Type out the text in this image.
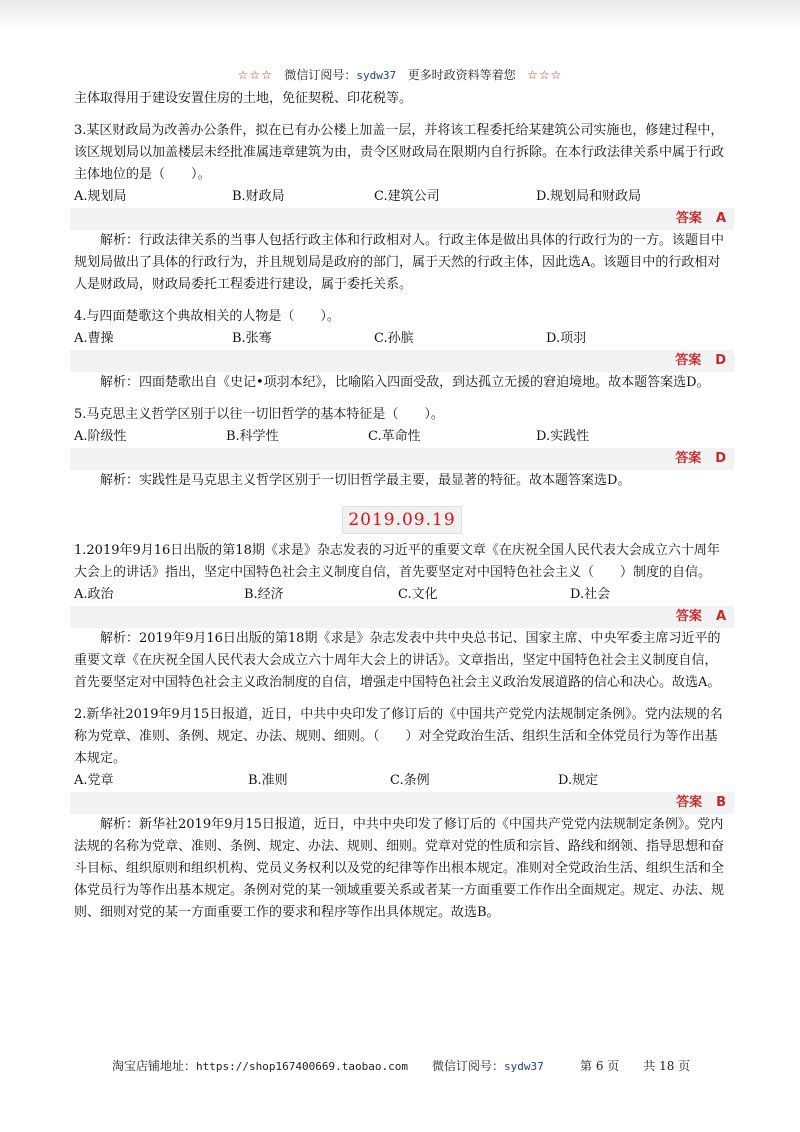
☆☆☆ 微信订阅号：sydw37 更多时政资料等着您 ☆☆☆

主体取得用于建设安置住房的土地，免征契税、印花税等。

3.某区财政局为改善办公条件，拟在已有办公楼上加盖一层，并将该工程委托给某建筑公司实施也，修建过程中，该区规划局以加盖楼层未经批准属违章建筑为由，责令区财政局在限期内自行拆除。在本行政法律关系中属于行政主体地位的是（　　）。

A.规划局	B.财政局	C.建筑公司	D.规划局和财政局
答案 A

解析：行政法律关系的当事人包括行政主体和行政相对人。行政主体是做出具体的行政行为的一方。该题目中规划局做出了具体的行政行为，并且规划局是政府的部门，属于天然的行政主体，因此选A。该题目中的行政相对人是财政局，财政局委托工程委进行建设，属于委托关系。

4.与四面楚歌这个典故相关的人物是（　　）。

A.曹操	B.张骞	C.孙膑	D.项羽
答案 D

解析：四面楚歌出自《史记•项羽本纪》，比喻陷入四面受敌，到达孤立无援的窘迫境地。故本题答案选D。

5.马克思主义哲学区别于以往一切旧哲学的基本特征是（　　）。

A.阶级性	B.科学性	C.革命性	D.实践性
答案 D

解析：实践性是马克思主义哲学区别于一切旧哲学最主要，最显著的特征。故本题答案选D。

2019.09.19

1.2019年9月16日出版的第18期《求是》杂志发表的习近平的重要文章《在庆祝全国人民代表大会成立六十周年大会上的讲话》指出，坚定中国特色社会主义制度自信，首先要坚定对中国特色社会主义（　　）制度的自信。

A.政治	B.经济	C.文化	D.社会
答案 A

解析：2019年9月16日出版的第18期《求是》杂志发表中共中央总书记、国家主席、中央军委主席习近平的重要文章《在庆祝全国人民代表大会成立六十周年大会上的讲话》。文章指出，坚定中国特色社会主义制度自信，首先要坚定对中国特色社会主义政治制度的自信，增强走中国特色社会主义政治发展道路的信心和决心。故选A。

2.新华社2019年9月15日报道，近日，中共中央印发了修订后的《中国共产党党内法规制定条例》。党内法规的名称为党章、准则、条例、规定、办法、规则、细则。（　　）对全党政治生活、组织生活和全体党员行为等作出基本规定。

A.党章	B.准则	C.条例	D.规定
答案 B

解析：新华社2019年9月15日报道，近日，中共中央印发了修订后的《中国共产党党内法规制定条例》。党内法规的名称为党章、准则、条例、规定、办法、规则、细则。党章对党的性质和宗旨、路线和纲领、指导思想和奋斗目标、组织原则和组织机构、党员义务权利以及党的纪律等作出根本规定。准则对全党政治生活、组织生活和全体党员行为等作出基本规定。条例对党的某一领域重要关系或者某一方面重要工作作出全面规定。规定、办法、规则、细则对党的某一方面重要工作的要求和程序等作出具体规定。故选B。

淘宝店铺地址：https://shop167400669.taobao.com 微信订阅号：sydw37	第 6 页　　共 18 页
